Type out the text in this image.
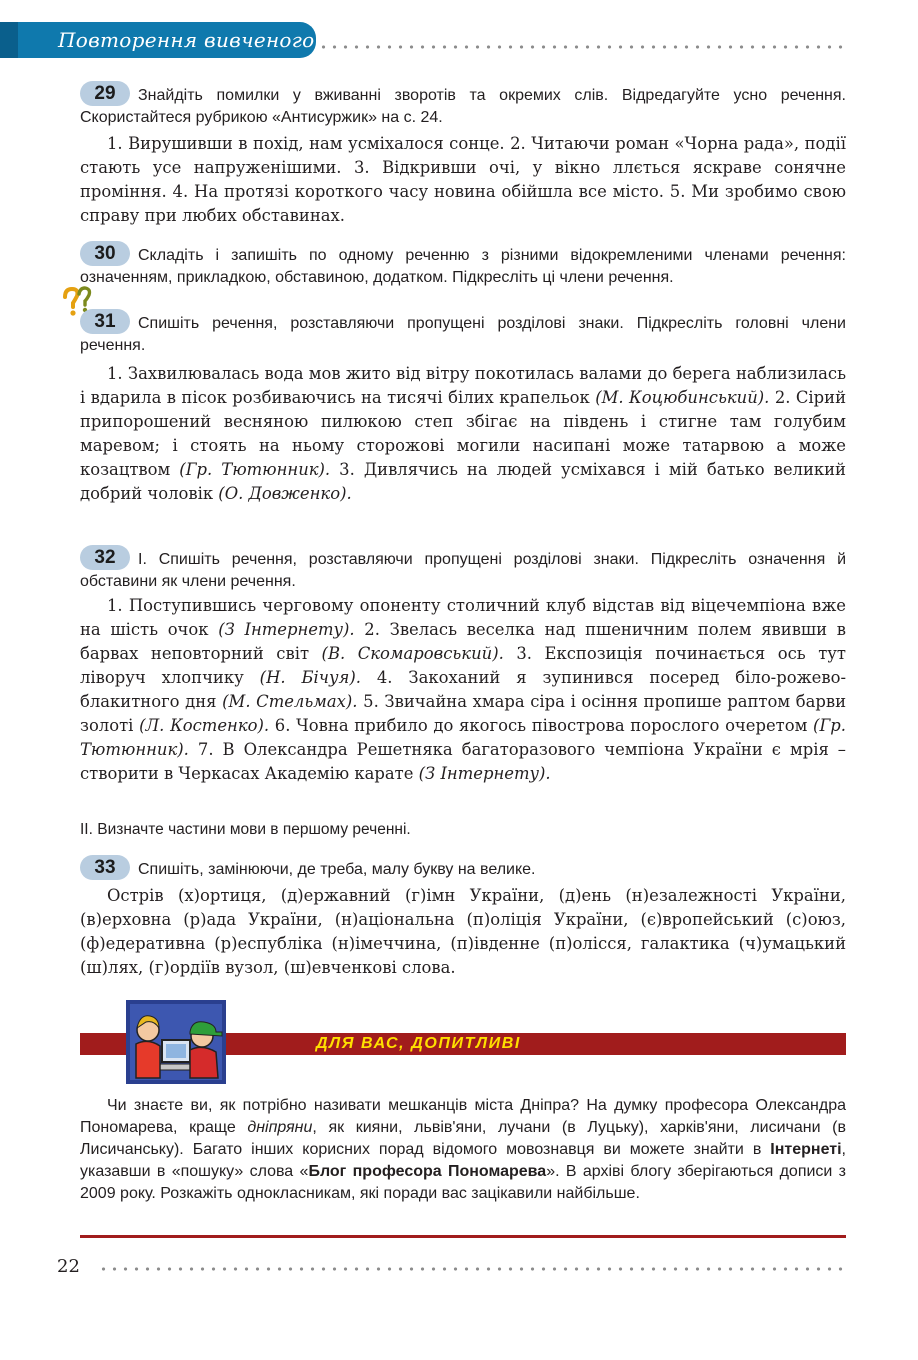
Повторення вивченого
29 Знайдіть помилки у вживанні зворотів та окремих слів. Відредагуйте усно речення. Скористайтеся рубрикою «Антисуржик» на с. 24.

1. Вирушивши в похід, нам усміхалося сонце. 2. Читаючи роман «Чорна рада», події стають усе напруженішими. 3. Відкривши очі, у вікно ллється яскраве сонячне проміння. 4. На протязі короткого часу новина обійшла все місто. 5. Ми зробимо свою справу при любих обставинах.

30 Складіть і запишіть по одному реченню з різними відокремленими членами речення: означенням, прикладкою, обставиною, додатком. Підкресліть ці члени речення.
31 Спишіть речення, розставляючи пропущені розділові знаки. Підкресліть головні члени речення.

1. Захвилювалась вода мов жито від вітру покотилась валами до берега наблизилась і вдарила в пісок розбиваючись на тисячі білих крапельок (М. Коцюбинський). 2. Сірий припорошений весняною пилюкою степ збігає на південь і стигне там голубим маревом; і стоять на ньому сторожові могили насипані може татарвою а може козацтвом (Гр. Тютюнник). 3. Дивлячись на людей усміхався і мій батько великий добрий чоловік (О. Довженко).

32 I. Спишіть речення, розставляючи пропущені розділові знаки. Підкресліть означення й обставини як члени речення.

1. Поступившись черговому опоненту столичний клуб відстав від віцечемпіона вже на шість очок (З Інтернету). 2. Звелась веселка над пшеничним полем явивши в барвах неповторний світ (В. Скомаровський). 3. Експозиція починається ось тут ліворуч хлопчику (Н. Бічуя). 4. Закоханий я зупинився посеред біло-рожево-блакитного дня (М. Стельмах). 5. Звичайна хмара сіра і осіння пропише раптом барви золоті (Л. Костенко). 6. Човна прибило до якогось півострова порослого очеретом (Гр. Тютюнник). 7. В Олександра Решетняка багаторазового чемпіона України є мрія – створити в Черкасах Академію карате (З Інтернету).

II. Визначте частини мови в першому реченні.
33 Спишіть, замінюючи, де треба, малу букву на велике.

Острів (х)ортиця, (д)ержавний (г)імн України, (д)ень (н)езалежності України, (в)ерховна (р)ада України, (н)аціональна (п)оліція України, (є)вропейський (с)оюз, (ф)едеративна (р)еспубліка (н)імеччина, (п)івденне (п)олісся, галактика (ч)умацький (ш)лях, (г)ордіїв вузол, (ш)евченкові слова.

ДЛЯ ВАС, ДОПИТЛИВІ

Чи знаєте ви, як потрібно називати мешканців міста Дніпра? На думку професора Олександра Пономарева, краще дніпряни, як кияни, львів'яни, лучани (в Луцьку), харків'яни, лисичани (в Лисичанську). Багато інших корисних порад відомого мовознавця ви можете знайти в Інтернеті, указавши в «пошуку» слова «Блог професора Пономарева». В архіві блогу зберігаються дописи з 2009 року. Розкажіть однокласникам, які поради вас зацікавили найбільше.

22
